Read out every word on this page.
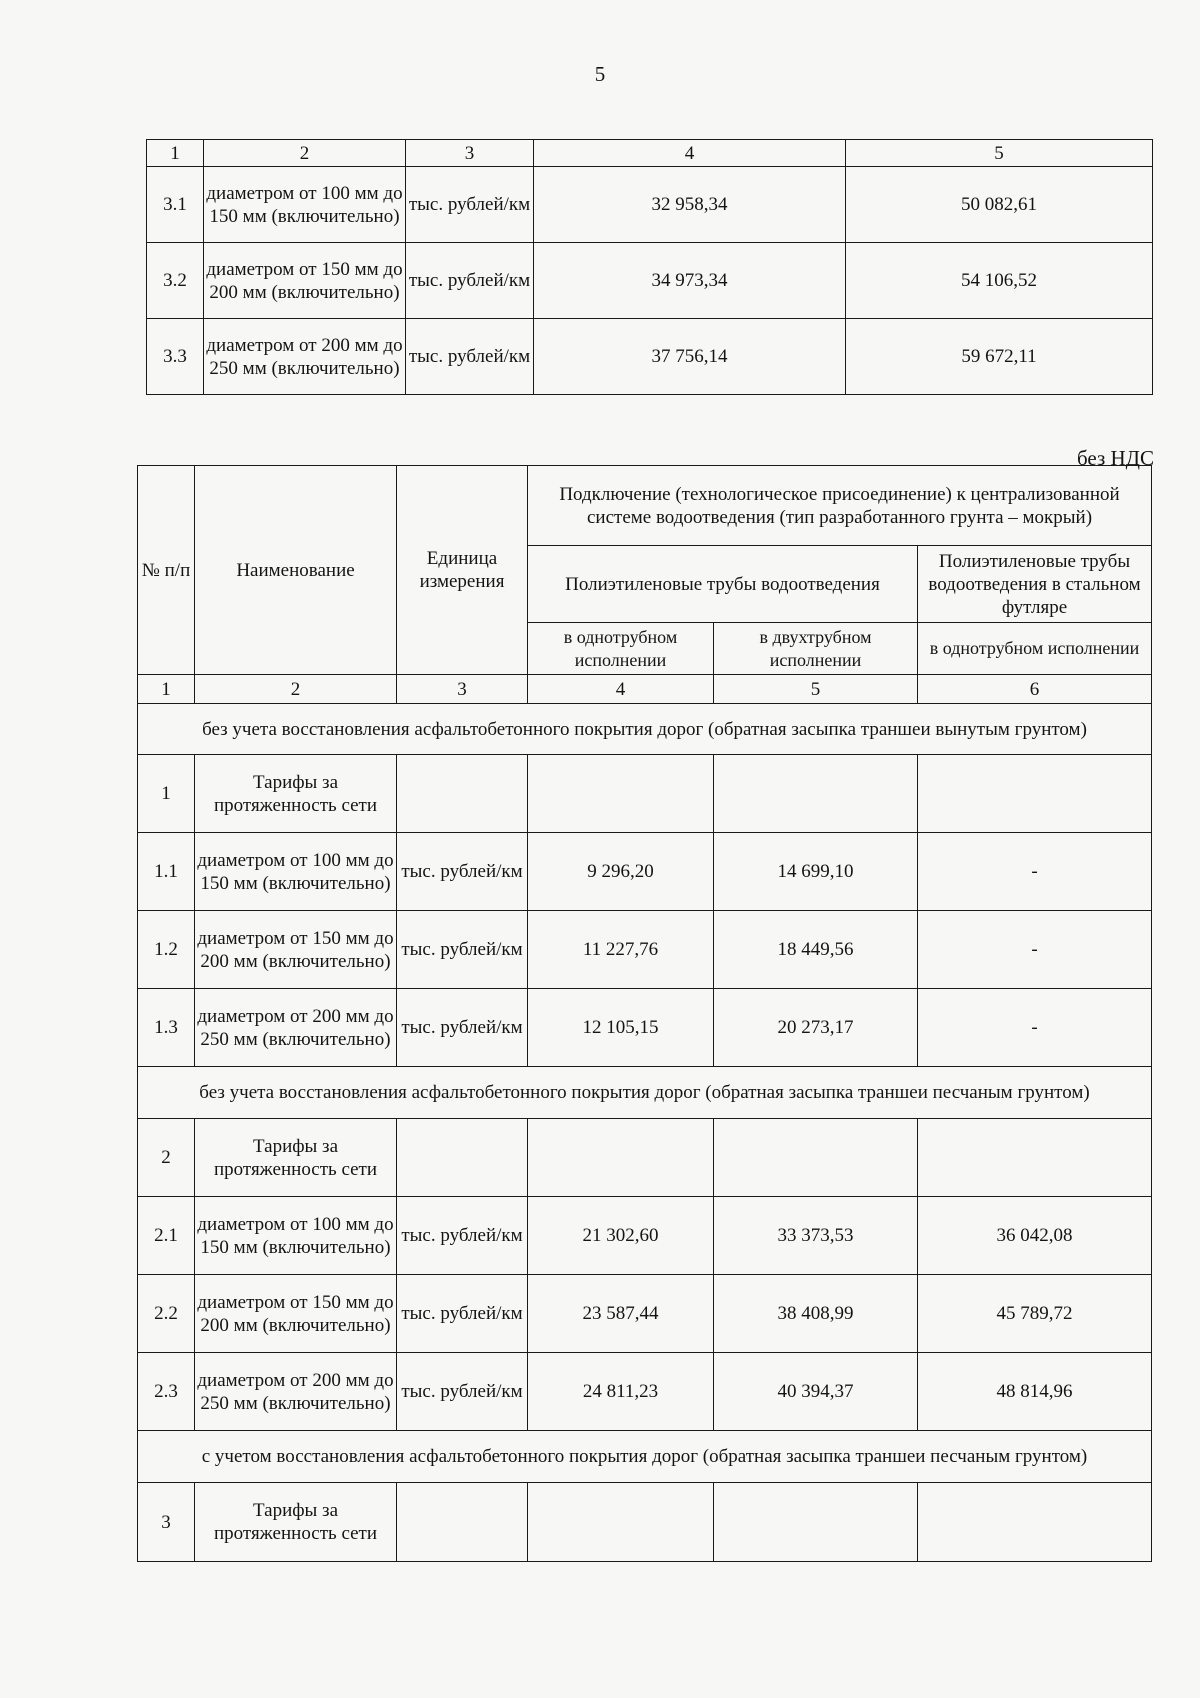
5
1	2	3	4	5
3.1	диаметром от 100 мм до 150 мм (включительно)	тыс. рублей/км	32 958,34	50 082,61
3.2	диаметром от 150 мм до 200 мм (включительно)	тыс. рублей/км	34 973,34	54 106,52
3.3	диаметром от 200 мм до 250 мм (включительно)	тыс. рублей/км	37 756,14	59 672,11
без НДС
№ п/п	Наименование	Единица измерения	Подключение (технологическое присоединение) к централизованной системе водоотведения (тип разработанного грунта – мокрый)		
			Полиэтиленовые трубы водоотведения		Полиэтиленовые трубы водоотведения в стальном футляре
			в однотрубном исполнении	в двухтрубном исполнении	в однотрубном исполнении
1	2	3	4	5	6
без учета восстановления асфальтобетонного покрытия дорог (обратная засыпка траншеи вынутым грунтом)					
1	Тарифы за протяженность сети				
1.1	диаметром от 100 мм до 150 мм (включительно)	тыс. рублей/км	9 296,20	14 699,10	-
1.2	диаметром от 150 мм до 200 мм (включительно)	тыс. рублей/км	11 227,76	18 449,56	-
1.3	диаметром от 200 мм до 250 мм (включительно)	тыс. рублей/км	12 105,15	20 273,17	-
без учета восстановления асфальтобетонного покрытия дорог (обратная засыпка траншеи песчаным грунтом)					
2	Тарифы за протяженность сети				
2.1	диаметром от 100 мм до 150 мм (включительно)	тыс. рублей/км	21 302,60	33 373,53	36 042,08
2.2	диаметром от 150 мм до 200 мм (включительно)	тыс. рублей/км	23 587,44	38 408,99	45 789,72
2.3	диаметром от 200 мм до 250 мм (включительно)	тыс. рублей/км	24 811,23	40 394,37	48 814,96
с учетом восстановления асфальтобетонного покрытия дорог (обратная засыпка траншеи песчаным грунтом)					
3	Тарифы за протяженность сети				
